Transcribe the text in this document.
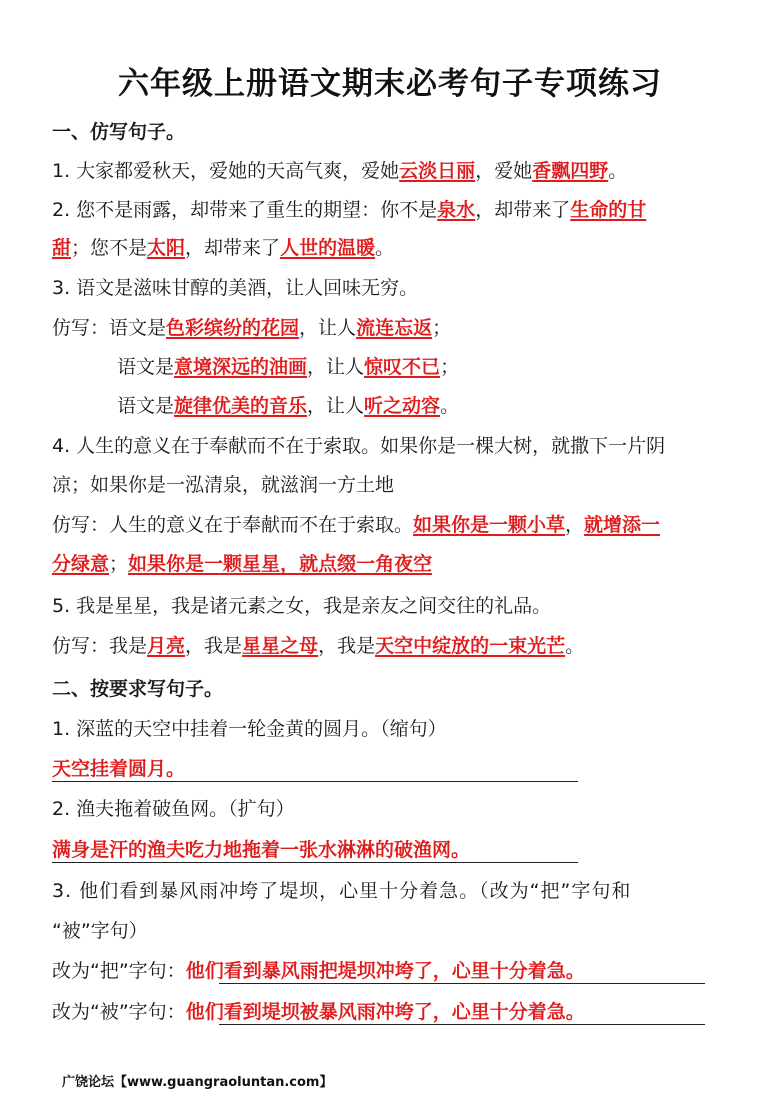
六年级上册语文期末必考句子专项练习
一、仿写句子。
1. 大家都爱秋天，爱她的天高气爽，爱她云淡日丽，爱她香飘四野。
2. 您不是雨露，却带来了重生的期望：你不是泉水，却带来了生命的甘
甜；您不是太阳，却带来了人世的温暖。
3. 语文是滋味甘醇的美酒，让人回味无穷。
仿写：语文是色彩缤纷的花园，让人流连忘返；
语文是意境深远的油画，让人惊叹不已；
语文是旋律优美的音乐，让人听之动容。
4. 人生的意义在于奉献而不在于索取。如果你是一棵大树，就撒下一片阴
凉；如果你是一泓清泉，就滋润一方土地
仿写：人生的意义在于奉献而不在于索取。如果你是一颗小草，就增添一
分绿意；如果你是一颗星星，就点缀一角夜空
5. 我是星星，我是诸元素之女，我是亲友之间交往的礼品。
仿写：我是月亮，我是星星之母，我是天空中绽放的一束光芒。
二、按要求写句子。
1. 深蓝的天空中挂着一轮金黄的圆月。（缩句）
天空挂着圆月。
2. 渔夫拖着破鱼网。（扩句）
满身是汗的渔夫吃力地拖着一张水淋淋的破渔网。
3. 他们看到暴风雨冲垮了堤坝，心里十分着急。（改为“把”字句和
“被”字句）
改为“把”字句：他们看到暴风雨把堤坝冲垮了，心里十分着急。
改为“被”字句：他们看到堤坝被暴风雨冲垮了，心里十分着急。
广饶论坛【www.guangraoluntan.com】
